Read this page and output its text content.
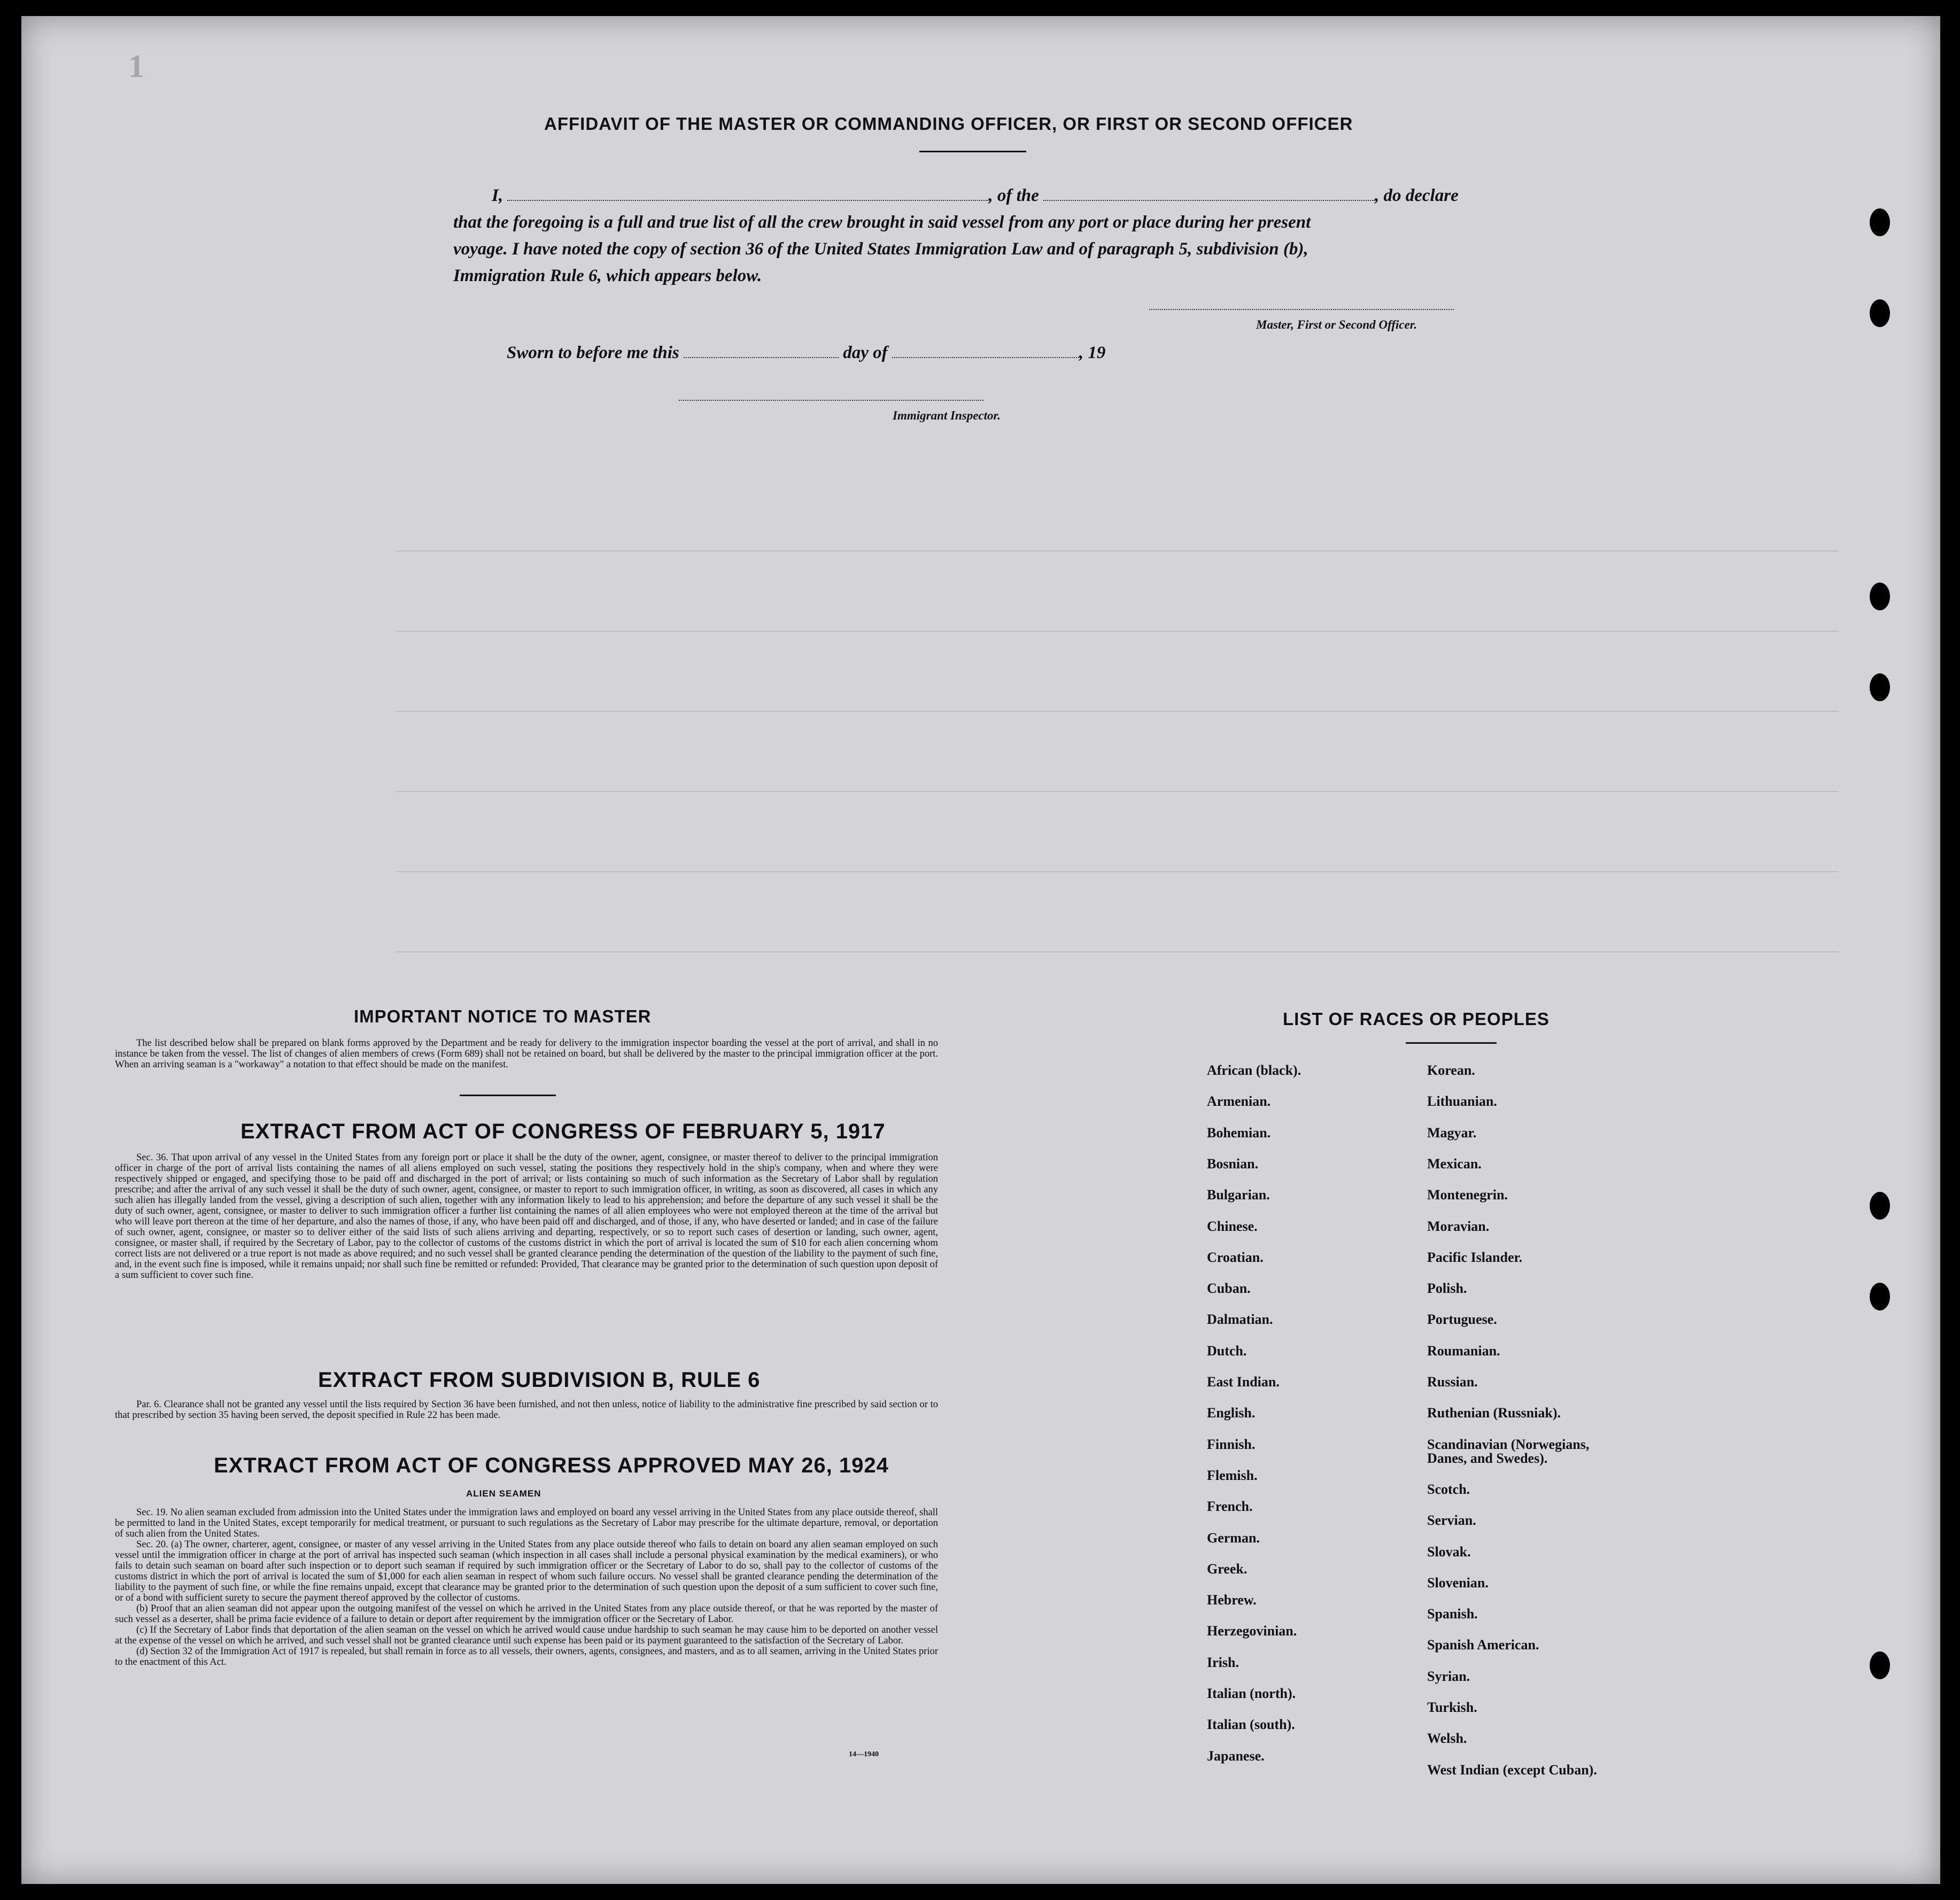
1
AFFIDAVIT OF THE MASTER OR COMMANDING OFFICER, OR FIRST OR SECOND OFFICER
I,	, of the	, do declare
that the foregoing is a full and true list of all the crew brought in said vessel from any port or place during her present
voyage. I have noted the copy of section 36 of the United States Immigration Law and of paragraph 5, subdivision (b),
Immigration Rule 6, which appears below.
Master, First or Second Officer.
Sworn to before me this	day of	, 19
Immigrant Inspector.
IMPORTANT NOTICE TO MASTER
The list described below shall be prepared on blank forms approved by the Department and be ready for delivery to the immigration inspector boarding the vessel at the port of arrival, and shall in no instance be taken from the vessel. The list of changes of alien members of crews (Form 689) shall not be retained on board, but shall be delivered by the master to the principal immigration officer at the port. When an arriving seaman is a "workaway" a notation to that effect should be made on the manifest.
EXTRACT FROM ACT OF CONGRESS OF FEBRUARY 5, 1917
Sec. 36. That upon arrival of any vessel in the United States from any foreign port or place it shall be the duty of the owner, agent, consignee, or master thereof to deliver to the principal immigration officer in charge of the port of arrival lists containing the names of all aliens employed on such vessel, stating the positions they respectively hold in the ship's company, when and where they were respectively shipped or engaged, and specifying those to be paid off and discharged in the port of arrival; or lists containing so much of such information as the Secretary of Labor shall by regulation prescribe; and after the arrival of any such vessel it shall be the duty of such owner, agent, consignee, or master to report to such immigration officer, in writing, as soon as discovered, all cases in which any such alien has illegally landed from the vessel, giving a description of such alien, together with any information likely to lead to his apprehension; and before the departure of any such vessel it shall be the duty of such owner, agent, consignee, or master to deliver to such immigration officer a further list containing the names of all alien employees who were not employed thereon at the time of the arrival but who will leave port thereon at the time of her departure, and also the names of those, if any, who have been paid off and discharged, and of those, if any, who have deserted or landed; and in case of the failure of such owner, agent, consignee, or master so to deliver either of the said lists of such aliens arriving and departing, respectively, or so to report such cases of desertion or landing, such owner, agent, consignee, or master shall, if required by the Secretary of Labor, pay to the collector of customs of the customs district in which the port of arrival is located the sum of $10 for each alien concerning whom correct lists are not delivered or a true report is not made as above required; and no such vessel shall be granted clearance pending the determination of the question of the liability to the payment of such fine, and, in the event such fine is imposed, while it remains unpaid; nor shall such fine be remitted or refunded: Provided, That clearance may be granted prior to the determination of such question upon deposit of a sum sufficient to cover such fine.
EXTRACT FROM SUBDIVISION B, RULE 6
Par. 6. Clearance shall not be granted any vessel until the lists required by Section 36 have been furnished, and not then unless, notice of liability to the administrative fine prescribed by said section or to that prescribed by section 35 having been served, the deposit specified in Rule 22 has been made.
EXTRACT FROM ACT OF CONGRESS APPROVED MAY 26, 1924
ALIEN SEAMEN
Sec. 19. No alien seaman excluded from admission into the United States under the immigration laws and employed on board any vessel arriving in the United States from any place outside thereof, shall be permitted to land in the United States, except temporarily for medical treatment, or pursuant to such regulations as the Secretary of Labor may prescribe for the ultimate departure, removal, or deportation of such alien from the United States.
Sec. 20. (a) The owner, charterer, agent, consignee, or master of any vessel arriving in the United States from any place outside thereof who fails to detain on board any alien seaman employed on such vessel until the immigration officer in charge at the port of arrival has inspected such seaman (which inspection in all cases shall include a personal physical examination by the medical examiners), or who fails to detain such seaman on board after such inspection or to deport such seaman if required by such immigration officer or the Secretary of Labor to do so, shall pay to the collector of customs of the customs district in which the port of arrival is located the sum of $1,000 for each alien seaman in respect of whom such failure occurs. No vessel shall be granted clearance pending the determination of the liability to the payment of such fine, or while the fine remains unpaid, except that clearance may be granted prior to the determination of such question upon the deposit of a sum sufficient to cover such fine, or of a bond with sufficient surety to secure the payment thereof approved by the collector of customs.
(b) Proof that an alien seaman did not appear upon the outgoing manifest of the vessel on which he arrived in the United States from any place outside thereof, or that he was reported by the master of such vessel as a deserter, shall be prima facie evidence of a failure to detain or deport after requirement by the immigration officer or the Secretary of Labor.
(c) If the Secretary of Labor finds that deportation of the alien seaman on the vessel on which he arrived would cause undue hardship to such seaman he may cause him to be deported on another vessel at the expense of the vessel on which he arrived, and such vessel shall not be granted clearance until such expense has been paid or its payment guaranteed to the satisfaction of the Secretary of Labor.
(d) Section 32 of the Immigration Act of 1917 is repealed, but shall remain in force as to all vessels, their owners, agents, consignees, and masters, and as to all seamen, arriving in the United States prior to the enactment of this Act.
14—1940
LIST OF RACES OR PEOPLES
African (black).
Armenian.
Bohemian.
Bosnian.
Bulgarian.
Chinese.
Croatian.
Cuban.
Dalmatian.
Dutch.
East Indian.
English.
Finnish.
Flemish.
French.
German.
Greek.
Hebrew.
Herzegovinian.
Irish.
Italian (north).
Italian (south).
Japanese.
Korean.
Lithuanian.
Magyar.
Mexican.
Montenegrin.
Moravian.
Pacific Islander.
Polish.
Portuguese.
Roumanian.
Russian.
Ruthenian (Russniak).
Scandinavian (Norwegians,
Danes, and Swedes).
Scotch.
Servian.
Slovak.
Slovenian.
Spanish.
Spanish American.
Syrian.
Turkish.
Welsh.
West Indian (except Cuban).
